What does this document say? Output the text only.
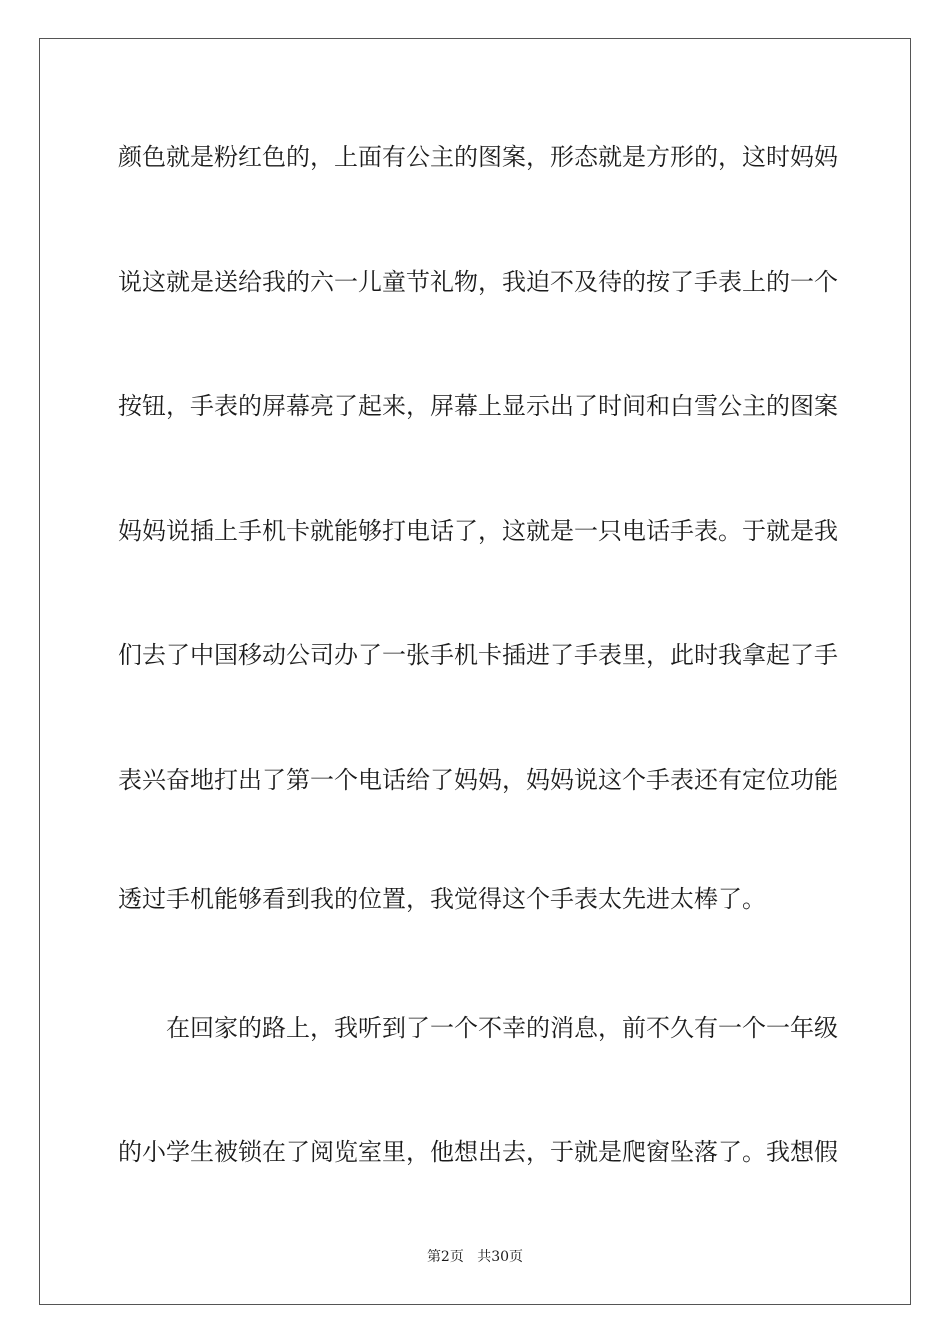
颜色就是粉红色的，上面有公主的图案，形态就是方形的，这时妈妈
说这就是送给我的六一儿童节礼物，我迫不及待的按了手表上的一个
按钮，手表的屏幕亮了起来，屏幕上显示出了时间和白雪公主的图案
妈妈说插上手机卡就能够打电话了，这就是一只电话手表。于就是我
们去了中国移动公司办了一张手机卡插进了手表里，此时我拿起了手
表兴奋地打出了第一个电话给了妈妈，妈妈说这个手表还有定位功能
透过手机能够看到我的位置，我觉得这个手表太先进太棒了。
在回家的路上，我听到了一个不幸的消息，前不久有一个一年级
的小学生被锁在了阅览室里，他想出去，于就是爬窗坠落了。我想假
第2页 共30页
